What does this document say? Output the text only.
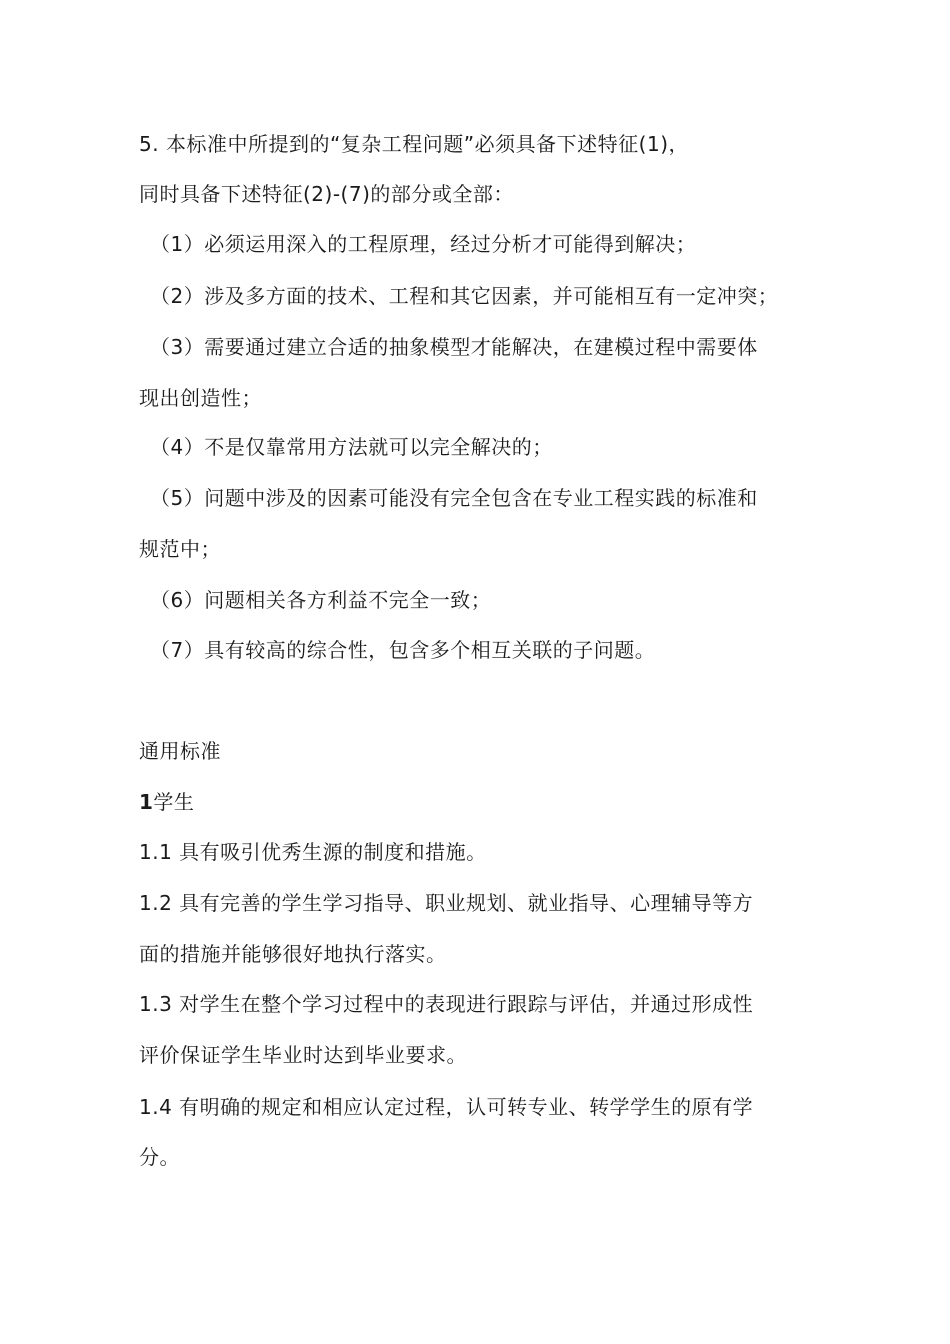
5. 本标准中所提到的“复杂工程问题”必须具备下述特征(1)，
同时具备下述特征(2)-(7)的部分或全部：
（1）必须运用深入的工程原理，经过分析才可能得到解决；
（2）涉及多方面的技术、工程和其它因素，并可能相互有一定冲突；
（3）需要通过建立合适的抽象模型才能解决，在建模过程中需要体
现出创造性；
（4）不是仅靠常用方法就可以完全解决的；
（5）问题中涉及的因素可能没有完全包含在专业工程实践的标准和
规范中；
（6）问题相关各方利益不完全一致；
（7）具有较高的综合性，包含多个相互关联的子问题。
通用标准
1学生
1.1 具有吸引优秀生源的制度和措施。
1.2 具有完善的学生学习指导、职业规划、就业指导、心理辅导等方
面的措施并能够很好地执行落实。
1.3 对学生在整个学习过程中的表现进行跟踪与评估，并通过形成性
评价保证学生毕业时达到毕业要求。
1.4 有明确的规定和相应认定过程，认可转专业、转学学生的原有学
分。
